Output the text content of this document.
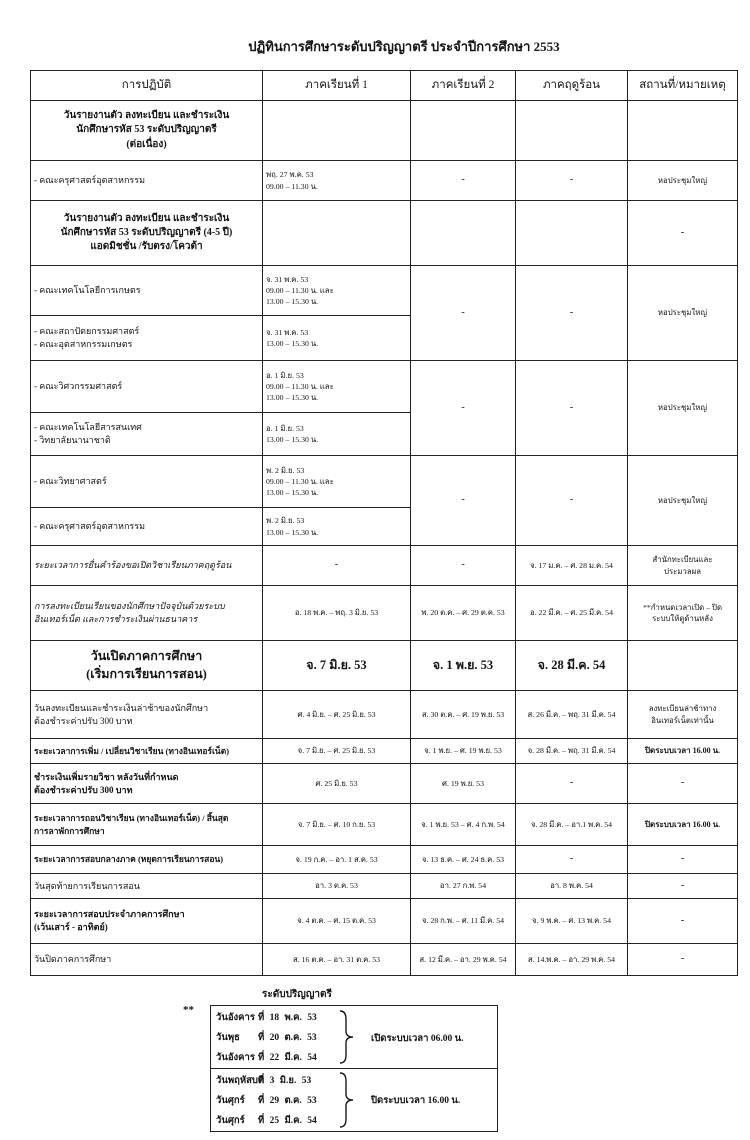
ปฏิทินการศึกษาระดับปริญญาตรี ประจำปีการศึกษา 2553
การปฏิบัติ	ภาคเรียนที่ 1	ภาคเรียนที่ 2	ภาคฤดูร้อน	สถานที่/หมายเหตุ
วันรายงานตัว ลงทะเบียน และชำระเงิน
นักศึกษารหัส 53 ระดับปริญญาตรี
(ต่อเนื่อง)				
- คณะครุศาสตร์อุตสาหกรรม	พฤ. 27 พ.ค. 53
09.00 – 11.30 น.	-	-	หอประชุมใหญ่
วันรายงานตัว ลงทะเบียน และชำระเงิน
นักศึกษารหัส 53 ระดับปริญญาตรี (4-5 ปี)
แอดมิชชั่น /รับตรง/โควต้า				-
- คณะเทคโนโลยีการเกษตร	จ. 31 พ.ค. 53
09.00 – 11.30 น. และ
13.00 – 15.30 น.	-	-	หอประชุมใหญ่
- คณะสถาปัตยกรรมศาสตร์
- คณะอุตสาหกรรมเกษตร	จ. 31 พ.ค. 53
13.00 – 15.30 น.			
- คณะวิศวกรรมศาสตร์	อ. 1 มิ.ย. 53
09.00 – 11.30 น. และ
13.00 – 15.30 น.	-	-	หอประชุมใหญ่
- คณะเทคโนโลยีสารสนเทศ
- วิทยาลัยนานาชาติ	อ. 1 มิ.ย. 53
13.00 – 15.30 น.			
- คณะวิทยาศาสตร์	พ. 2 มิ.ย. 53
09.00 – 11.30 น. และ
13.00 – 15.30 น.	-	-	หอประชุมใหญ่
- คณะครุศาสตร์อุตสาหกรรม	พ. 2 มิ.ย. 53
13.00 – 15.30 น.			
ระยะเวลาการยื่นคำร้องขอเปิดวิชาเรียนภาคฤดูร้อน	-	-	จ. 17 ม.ค. – ศ. 28 ม.ค. 54	สำนักทะเบียนและ
ประมวลผล
การลงทะเบียนเรียนของนักศึกษาปัจจุบันด้วยระบบ
อินเทอร์เน็ต และการชำระเงินผ่านธนาคาร	อ. 18 พ.ค. – พฤ. 3 มิ.ย. 53	พ. 20 ต.ค. – ศ. 29 ต.ค. 53	อ. 22 มี.ค. – ศ. 25 มี.ค. 54	**กำหนดเวลาเปิด – ปิด
ระบบให้ดูด้านหลัง
วันเปิดภาคการศึกษา
(เริ่มการเรียนการสอน)	จ. 7 มิ.ย. 53	จ. 1 พ.ย. 53	จ. 28 มี.ค. 54	
วันลงทะเบียนและชำระเงินล่าช้าของนักศึกษา
ต้องชำระค่าปรับ 300 บาท	ศ. 4 มิ.ย. – ศ. 25 มิ.ย. 53	ส. 30 ต.ค. – ศ. 19 พ.ย. 53	ส. 26 มี.ค. – พฤ. 31 มี.ค. 54	ลงทะเบียนล่าช้าทาง
อินเทอร์เน็ตเท่านั้น
ระยะเวลาการเพิ่ม / เปลี่ยนวิชาเรียน (ทางอินเทอร์เน็ต)	จ. 7 มิ.ย. – ศ. 25 มิ.ย. 53	จ. 1 พ.ย. – ศ. 19 พ.ย. 53	จ. 28 มี.ค. – พฤ. 31 มี.ค. 54	ปิดระบบเวลา 16.00 น.
ชำระเงินเพิ่มรายวิชา หลังวันที่กำหนด
ต้องชำระค่าปรับ 300 บาท	ศ. 25 มิ.ย. 53	ศ. 19 พ.ย. 53	-	-
ระยะเวลาการถอนวิชาเรียน (ทางอินเทอร์เน็ต) / สิ้นสุด
การลาพักการศึกษา	จ. 7 มิ.ย. – ศ. 10 ก.ย. 53	จ. 1 พ.ย. 53 – ศ. 4 ก.พ. 54	จ. 28 มี.ค. – อา.1 พ.ค. 54	ปิดระบบเวลา 16.00 น.
ระยะเวลาการสอบกลางภาค (หยุดการเรียนการสอน)	จ. 19 ก.ค. – อา. 1 ส.ค. 53	จ. 13 ธ.ค. – ศ. 24 ธ.ค. 53	-	-
วันสุดท้ายการเรียนการสอน	อา. 3 ต.ค. 53	อา. 27 ก.พ. 54	อา. 8 พ.ค. 54	-
ระยะเวลาการสอบประจำภาคการศึกษา
(เว้นเสาร์ - อาทิตย์)	จ. 4 ต.ค. – ศ. 15 ต.ค. 53	จ. 28 ก.พ. – ศ. 11 มี.ค. 54	จ. 9 พ.ค. – ศ. 13 พ.ค. 54	-
วันปิดภาคการศึกษา	ส. 16 ต.ค. – อา. 31 ต.ค. 53	ส. 12 มี.ค. – อา. 29 พ.ค. 54	ส. 14.พ.ค. – อา. 29 พ.ค. 54	-
ระดับปริญญาตรี
**
วันอังคาร ที่ 18 พ.ค. 53
วันพุธ ที่ 20 ต.ค. 53
วันอังคาร ที่ 22 มี.ค. 54
เปิดระบบเวลา 06.00 น.
วันพฤหัสบดีที่ 3 มิ.ย. 53
วันศุกร์ ที่ 29 ต.ค. 53
วันศุกร์ ที่ 25 มี.ค. 54
ปิดระบบเวลา 16.00 น.
